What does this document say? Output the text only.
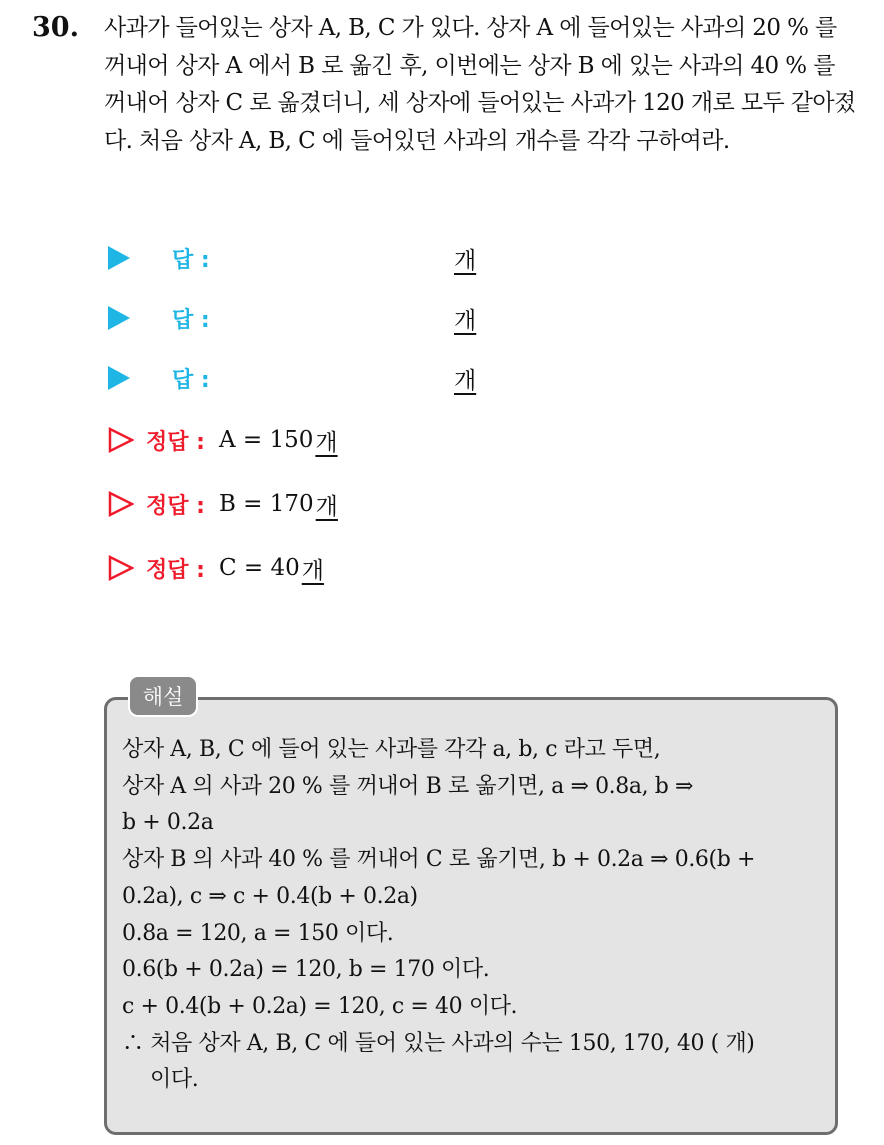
30. 사과가 들어있는 상자 A, B, C 가 있다. 상자 A 에 들어있는 사과의 20 % 를 꺼내어 상자 A 에서 B 로 옮긴 후, 이번에는 상자 B 에 있는 사과의 40 % 를 꺼내어 상자 C 로 옮겼더니, 세 상자에 들어있는 사과가 120 개로 모두 같아졌다. 처음 상자 A, B, C 에 들어있던 사과의 개수를 각각 구하여라.
답 :	개
답 :	개
답 :	개
정답 : A = 150 개
정답 : B = 170 개
정답 : C = 40 개
해설
상자 A, B, C 에 들어 있는 사과를 각각 a, b, c 라고 두면,
상자 A 의 사과 20 % 를 꺼내어 B 로 옮기면, a ⇒ 0.8a, b ⇒
b + 0.2a
상자 B 의 사과 40 % 를 꺼내어 C 로 옮기면, b + 0.2a ⇒ 0.6(b +
0.2a), c ⇒ c + 0.4(b + 0.2a)
0.8a = 120, a = 150 이다.
0.6(b + 0.2a) = 120, b = 170 이다.
c + 0.4(b + 0.2a) = 120, c = 40 이다.
∴ 처음 상자 A, B, C 에 들어 있는 사과의 수는 150, 170, 40 ( 개)
이다.
